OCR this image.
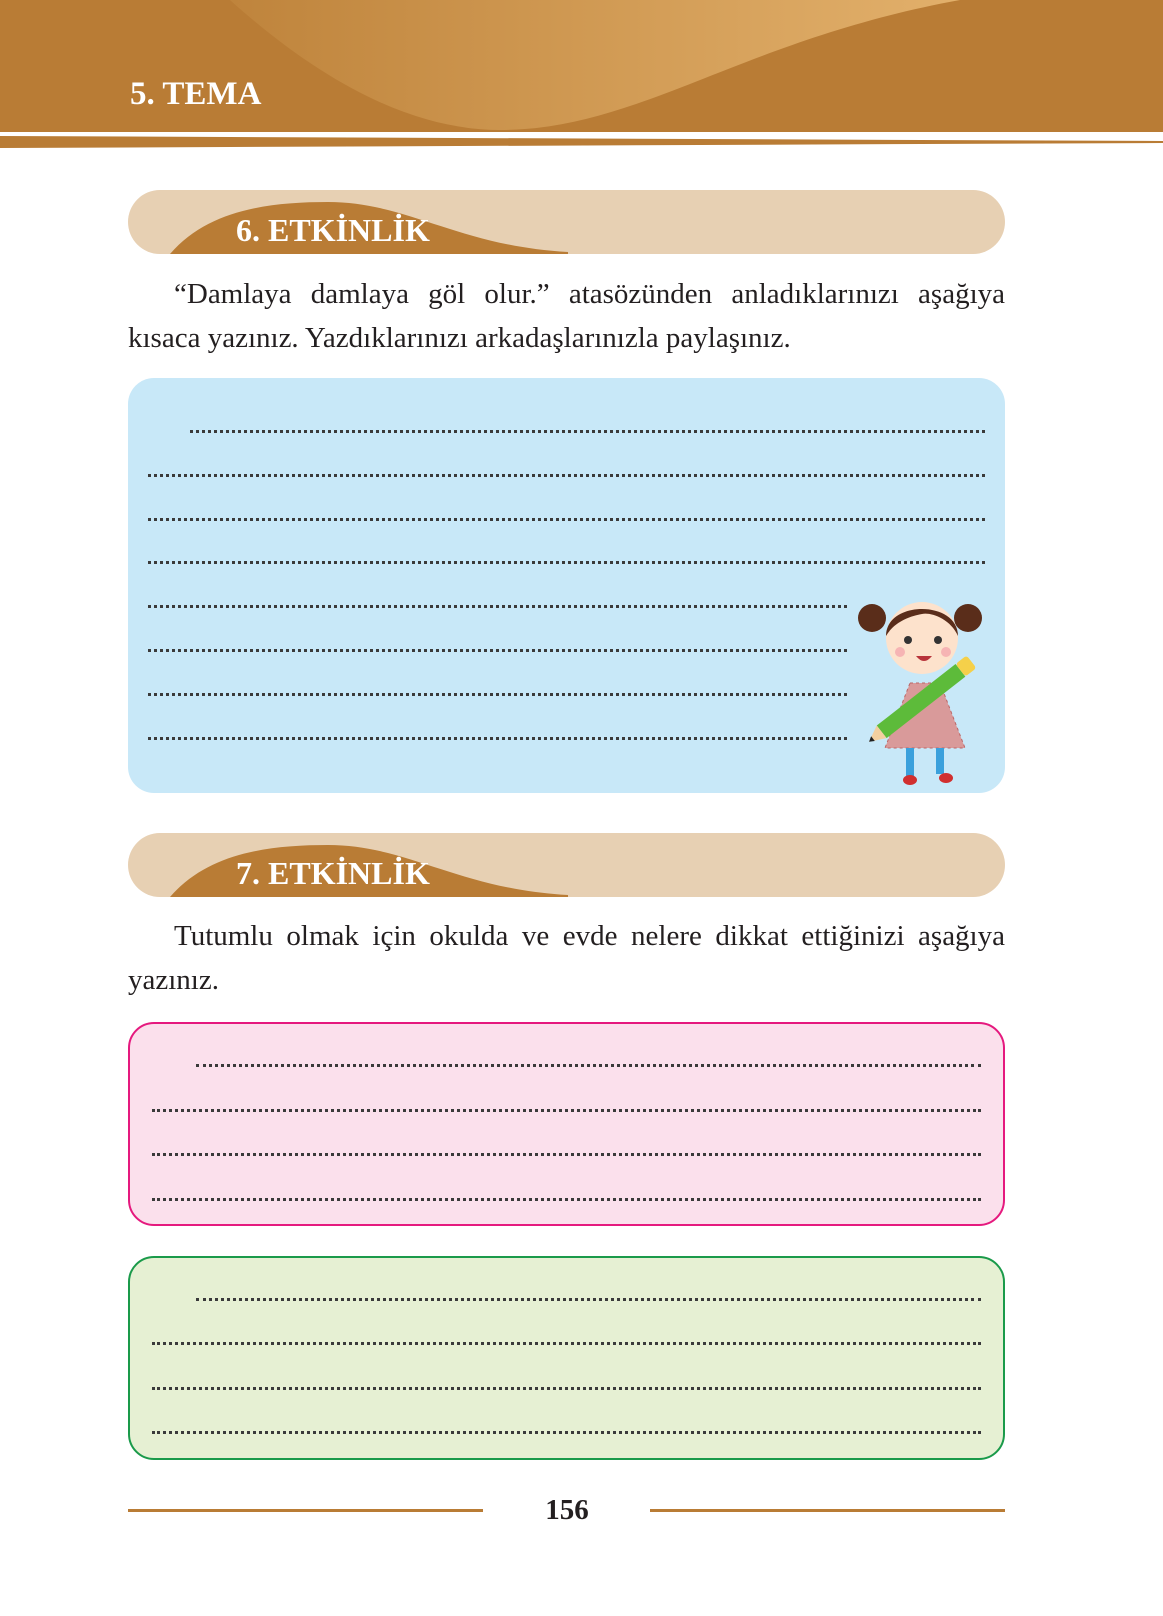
5. TEMA
6. ETKİNLİK
“Damlaya damlaya göl olur.” atasözünden anladıklarınızı aşağıya kısaca yazınız. Yazdıklarınızı arkadaşlarınızla paylaşınız.
7. ETKİNLİK
Tutumlu olmak için okulda ve evde nelere dikkat ettiğinizi aşağıya yazınız.
156
